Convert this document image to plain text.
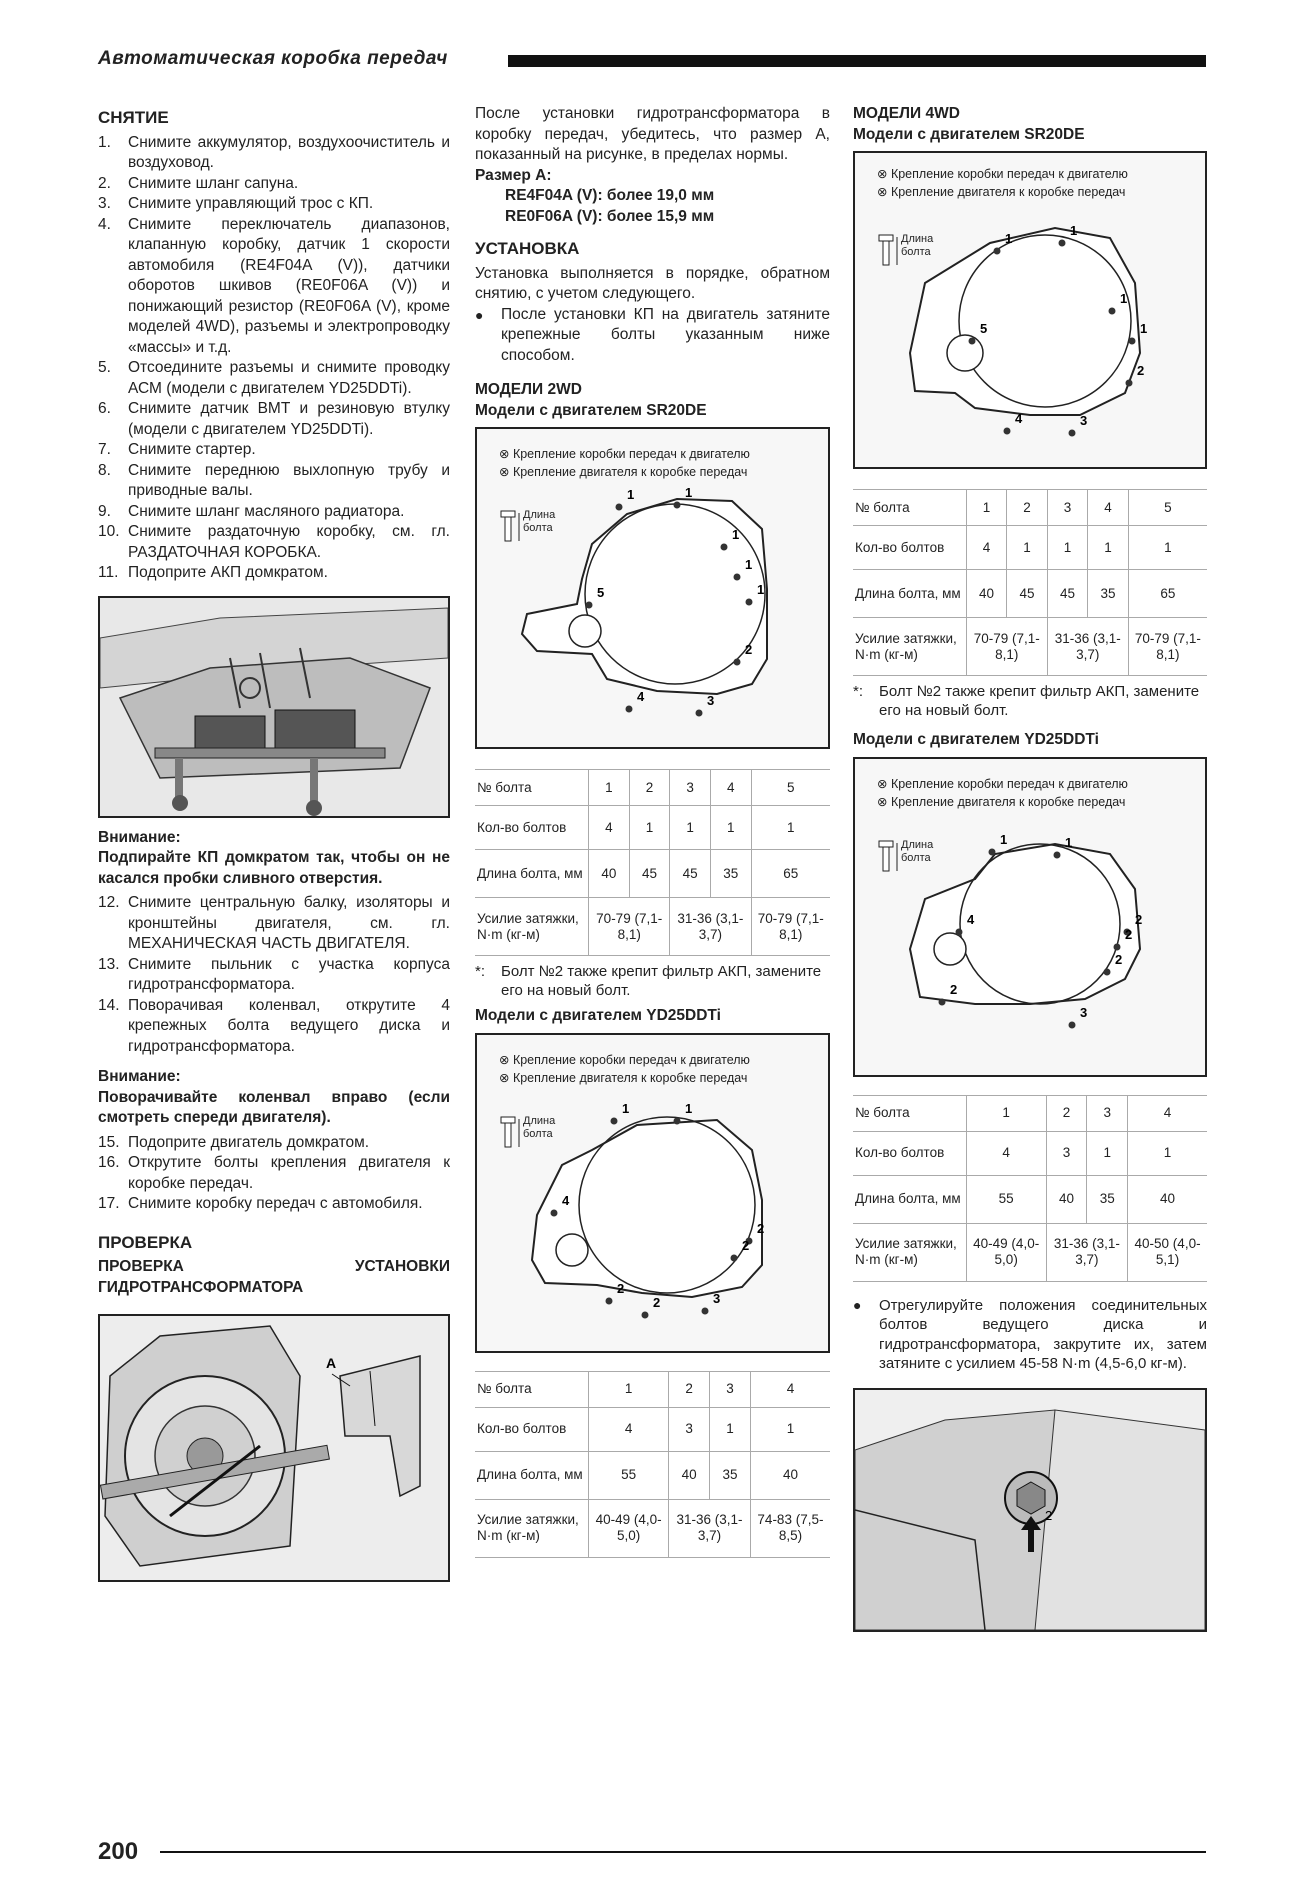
Автоматическая коробка передач
СНЯТИЕ
1.	Снимите аккумулятор, воздухоочиститель и воздуховод.
2.	Снимите шланг сапуна.
3.	Снимите управляющий трос с КП.
4.	Снимите переключатель диапазонов, клапанную коробку, датчик 1 скорости автомобиля (RE4F04A (V)), датчики оборотов шкивов (RE0F06A (V)) и понижающий резистор (RE0F06A (V), кроме моделей 4WD), разъемы и электропроводку «массы» и т.д.
5.	Отсоедините разъемы и снимите проводку АСМ (модели с двигателем YD25DDTi).
6.	Снимите датчик ВМТ и резиновую втулку (модели с двигателем YD25DDTi).
7.	Снимите стартер.
8.	Снимите переднюю выхлопную трубу и приводные валы.
9.	Снимите шланг масляного радиатора.
10. Снимите раздаточную коробку, см. гл. РАЗДАТОЧНАЯ КОРОБКА.
11. Подоприте АКП домкратом.
Внимание:
Подпирайте КП домкратом так, чтобы он не касался пробки сливного отверстия.
12. Снимите центральную балку, изоляторы и кронштейны двигателя, см. гл. МЕХАНИЧЕСКАЯ ЧАСТЬ ДВИГАТЕЛЯ.
13. Снимите пыльник с участка корпуса гидротрансформатора.
14. Поворачивая коленвал, открутите 4 крепежных болта ведущего диска и гидротрансформатора.
Внимание:
Поворачивайте коленвал вправо (если смотреть спереди двигателя).
15. Подоприте двигатель домкратом.
16. Открутите болты крепления двигателя к коробке передач.
17. Снимите коробку передач с автомобиля.
ПРОВЕРКА
ПРОВЕРКА УСТАНОВКИ ГИДРОТРАНСФОРМАТОРА
A
После установки гидротрансформатора в коробку передач, убедитесь, что размер А, показанный на рисунке, в пределах нормы.
Размер А:
RE4F04A (V): более 19,0 мм
RE0F06A (V): более 15,9 мм
УСТАНОВКА
Установка выполняется в порядке, обратном снятию, с учетом следующего.
●	После установки КП на двигатель затяните крепежные болты указанным ниже способом.
МОДЕЛИ 2WD
Модели с двигателем SR20DE
⊗ Крепление коробки передач к двигателю
⊗ Крепление двигателя к коробке передач
Длина болта
1	1
1
1
1
5
2
3
4
№ болта	1	2	3	4	5
Кол-во болтов	4	1	1	1	1
Длина болта, мм	40	45	45	35	65
Усилие затяжки, N·m (кг-м)	70-79 (7,1-8,1)		31-36 (3,1-3,7)		70-79 (7,1-8,1)
*:	Болт №2 также крепит фильтр АКП, замените его на новый болт.
Модели с двигателем YD25DDTi
⊗ Крепление коробки передач к двигателю
⊗ Крепление двигателя к коробке передач
Длина болта
1	1
4
2
2
3
2
2
№ болта	1	2	3	4
Кол-во болтов	4	3	1	1
Длина болта, мм	55	40	35	40
Усилие затяжки, N·m (кг-м)	40-49 (4,0-5,0)	31-36 (3,1-3,7)		74-83 (7,5-8,5)
МОДЕЛИ 4WD
Модели с двигателем SR20DE
⊗ Крепление коробки передач к двигателю
⊗ Крепление двигателя к коробке передач
Длина болта
1
1
1
1
5
2
3
4
№ болта	1	2	3	4	5
Кол-во болтов	4	1	1	1	1
Длина болта, мм	40	45	45	35	65
Усилие затяжки, N·m (кг-м)	70-79 (7,1-8,1)		31-36 (3,1-3,7)		70-79 (7,1-8,1)
*:	Болт №2 также крепит фильтр АКП, замените его на новый болт.
Модели с двигателем YD25DDTi
⊗ Крепление коробки передач к двигателю
⊗ Крепление двигателя к коробке передач
Длина болта
1	1
4	2
2
2
3
2
№ болта	1	2	3	4
Кол-во болтов	4	3	1	1
Длина болта, мм	55	40	35	40
Усилие затяжки, N·m (кг-м)	40-49 (4,0-5,0)	31-36 (3,1-3,7)		40-50 (4,0-5,1)
●	Отрегулируйте положения соединительных болтов ведущего диска и гидротрансформатора, закрутите их, затем затяните с усилием 45-58 N·m (4,5-6,0 кг-м).
2
200
